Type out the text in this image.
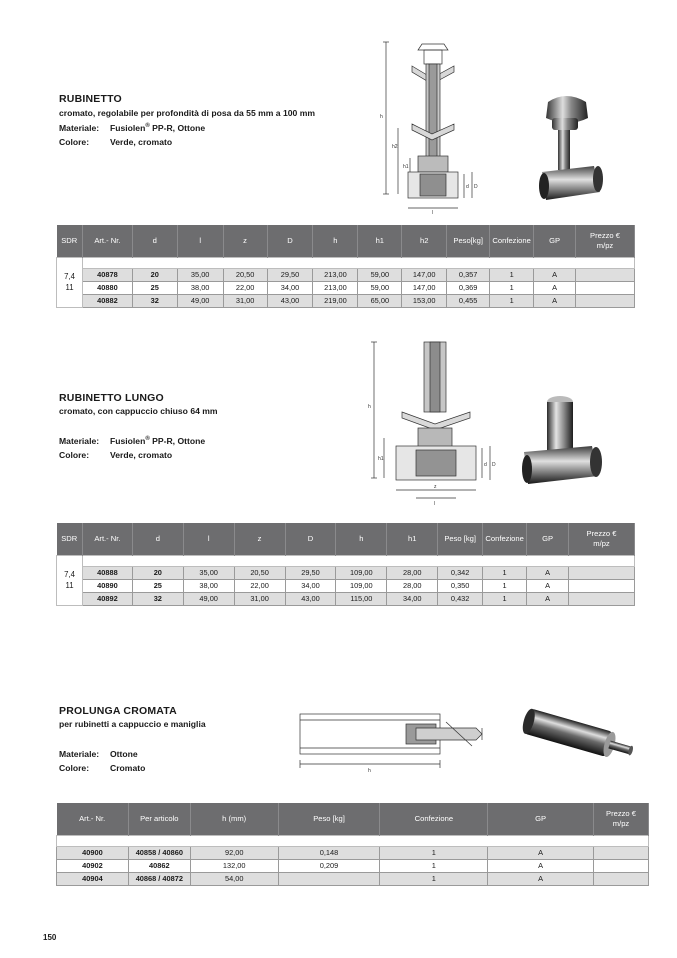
RUBINETTO
cromato, regolabile per profondità di posa da 55 mm a 100 mm
Materiale: Fusiolen® PP-R, Ottone
Colore: Verde, cromato
h
h2
h1
d D
l
SDR	Art.- Nr.	d	l	z	D	h	h1	h2	Peso[kg]	Confezione	GP	Prezzo €
m/pz

7,4
11												

	40878	20	35,00	20,50	29,50	213,00	59,00	147,00	0,357	1	A	
	40880	25	38,00	22,00	34,00	213,00	59,00	147,00	0,369	1	A	
	40882	32	49,00	31,00	43,00	219,00	65,00	153,00	0,455	1	A	
RUBINETTO LUNGO
cromato, con cappuccio chiuso 64 mm
Materiale: Fusiolen® PP-R, Ottone
Colore: Verde, cromato
h
h1
d D
z
l
SDR	Art.- Nr.	d	l	z	D	h	h1	Peso [kg]	Confezione	GP	Prezzo €
m/pz

7,4
11											

	40888	20	35,00	20,50	29,50	109,00	28,00	0,342	1	A	
	40890	25	38,00	22,00	34,00	109,00	28,00	0,350	1	A	
	40892	32	49,00	31,00	43,00	115,00	34,00	0,432	1	A	
PROLUNGA CROMATA
per rubinetti a cappuccio e maniglia
Materiale: Ottone
Colore: Cromato	h
Art.- Nr.	Per articolo	h (mm)	Peso [kg]	Confezione	GP	Prezzo €
m/pz

40900	40858 / 40860	92,00	0,148	1	A	
40902	40862	132,00	0,209	1	A	
40904	40868 / 40872	54,00		1	A	
150
